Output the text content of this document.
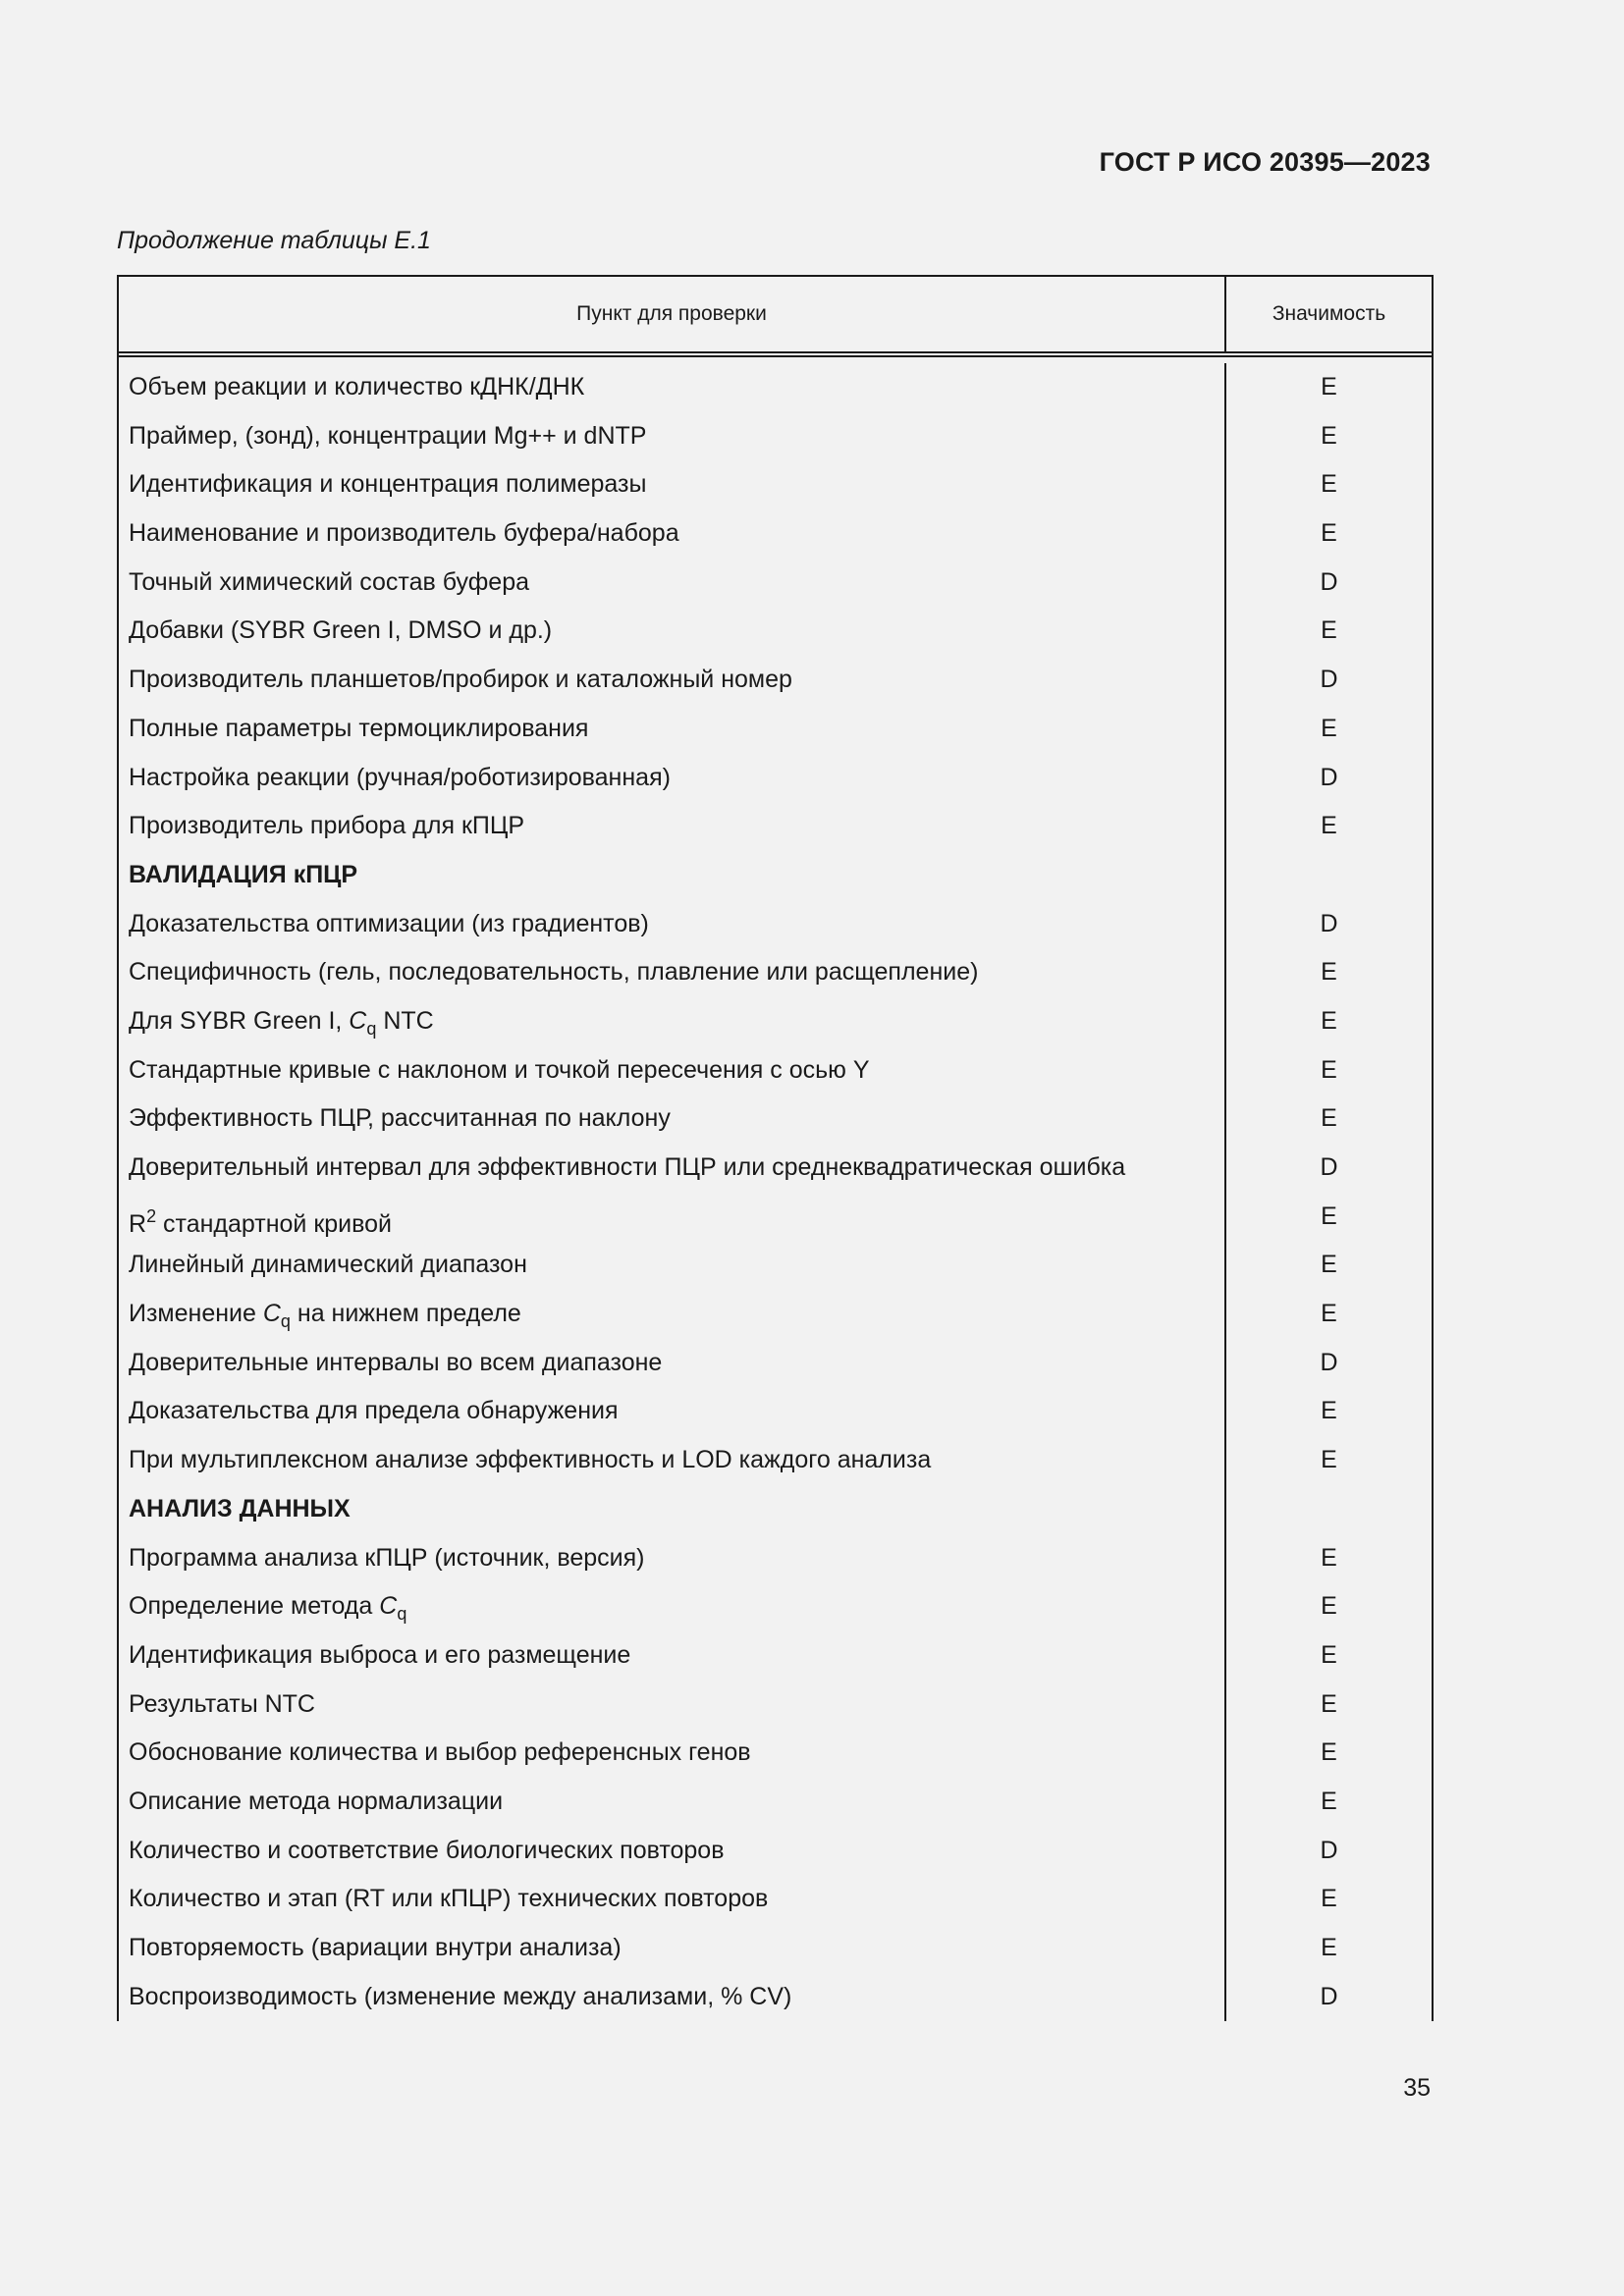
ГОСТ Р ИСО 20395—2023
Продолжение таблицы Е.1
Пункт для проверки	Значимость
Объем реакции и количество кДНК/ДНК	E
Праймер, (зонд), концентрации Mg++ и dNTP	E
Идентификация и концентрация полимеразы	E
Наименование и производитель буфера/набора	E
Точный химический состав буфера	D
Добавки (SYBR Green I, DMSO и др.)	E
Производитель планшетов/пробирок и каталожный номер	D
Полные параметры термоциклирования	E
Настройка реакции (ручная/роботизированная)	D
Производитель прибора для кПЦР	E
ВАЛИДАЦИЯ кПЦР
Доказательства оптимизации (из градиентов)	D
Специфичность (гель, последовательность, плавление или расщепление)	E
Для SYBR Green I, $C_q$ NTC	E
Стандартные кривые с наклоном и точкой пересечения с осью Y	E
Эффективность ПЦР, рассчитанная по наклону	E
Доверительный интервал для эффективности ПЦР или среднеквадратическая ошибка	D
$R^2$ стандартной кривой	E
Линейный динамический диапазон	E
Изменение $C_q$ на нижнем пределе	E
Доверительные интервалы во всем диапазоне	D
Доказательства для предела обнаружения	E
При мультиплексном анализе эффективность и LOD каждого анализа	E
АНАЛИЗ ДАННЫХ
Программа анализа кПЦР (источник, версия)	E
Определение метода $C_q$	E
Идентификация выброса и его размещение	E
Результаты NTC	E
Обоснование количества и выбор референсных генов	E
Описание метода нормализации	E
Количество и соответствие биологических повторов	D
Количество и этап (RT или кПЦР) технических повторов	E
Повторяемость (вариации внутри анализа)	E
Воспроизводимость (изменение между анализами, % CV)	D
35
